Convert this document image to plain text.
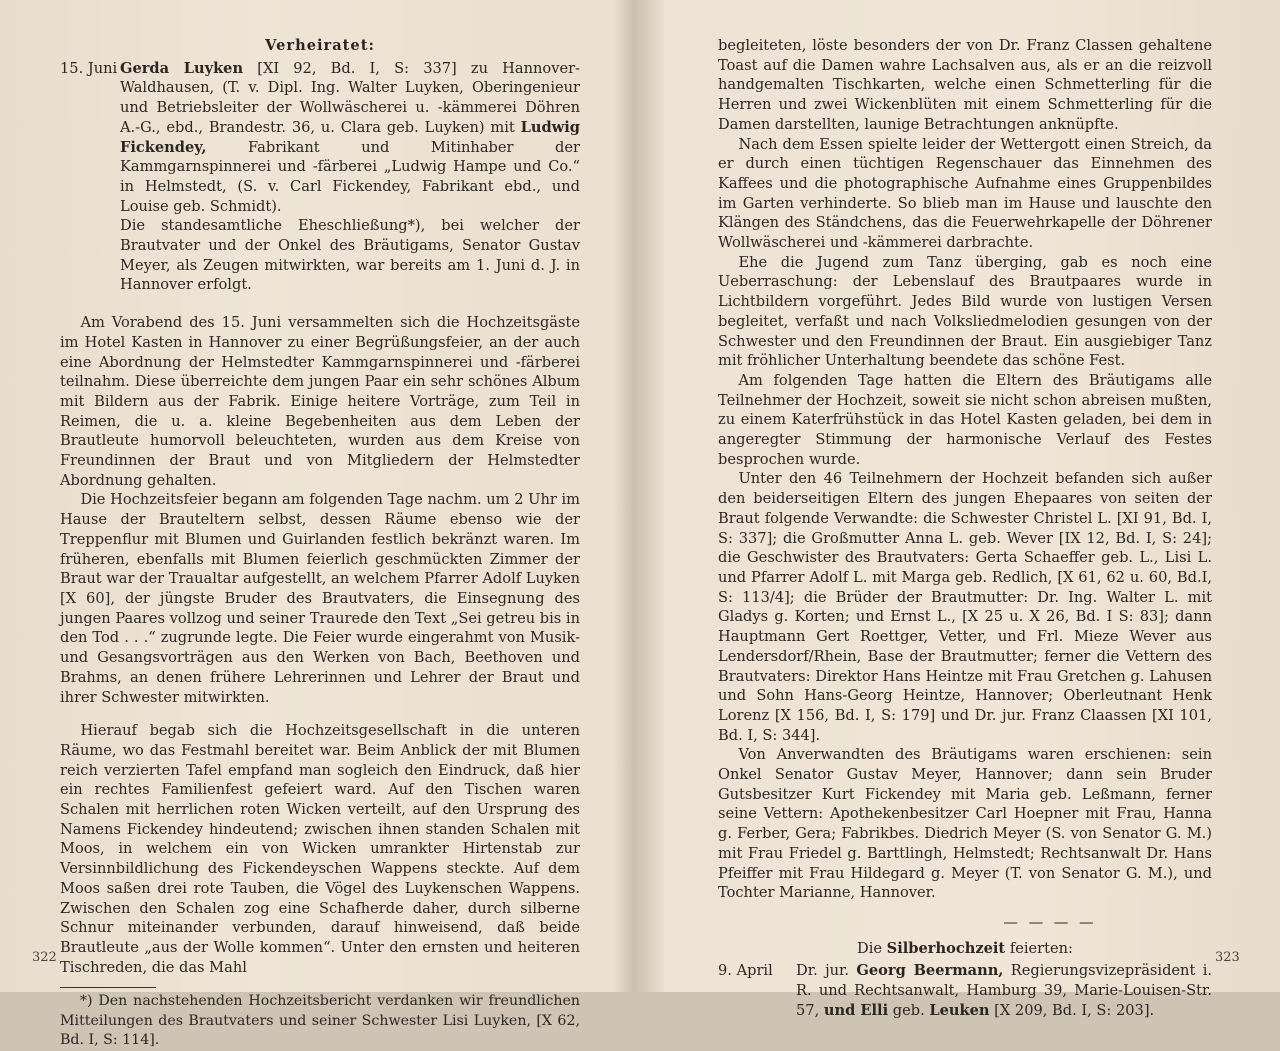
Verheiratet:
15. Juni Gerda Luyken [XI 92, Bd. I, S: 337] zu Hannover-Waldhausen, (T. v. Dipl. Ing. Walter Luyken, Oberingenieur und Betriebsleiter der Wollwäscherei u. -kämmerei Döhren A.-G., ebd., Brandestr. 36, u. Clara geb. Luyken) mit Ludwig Fickendey, Fabrikant und Mitinhaber der Kammgarnspinnerei und -färberei „Ludwig Hampe und Co.“ in Helmstedt, (S. v. Carl Fickendey, Fabrikant ebd., und Louise geb. Schmidt).

Die standesamtliche Eheschließung*), bei welcher der Brautvater und der Onkel des Bräutigams, Senator Gustav Meyer, als Zeugen mitwirkten, war bereits am 1. Juni d. J. in Hannover erfolgt.

Am Vorabend des 15. Juni versammelten sich die Hochzeitsgäste im Hotel Kasten in Hannover zu einer Begrüßungsfeier, an der auch eine Abordnung der Helmstedter Kammgarnspinnerei und -färberei teilnahm. Diese überreichte dem jungen Paar ein sehr schönes Album mit Bildern aus der Fabrik. Einige heitere Vorträge, zum Teil in Reimen, die u. a. kleine Begebenheiten aus dem Leben der Brautleute humorvoll beleuchteten, wurden aus dem Kreise von Freundinnen der Braut und von Mitgliedern der Helmstedter Abordnung gehalten.

Die Hochzeitsfeier begann am folgenden Tage nachm. um 2 Uhr im Hause der Brauteltern selbst, dessen Räume ebenso wie der Treppenflur mit Blumen und Guirlanden festlich bekränzt waren. Im früheren, ebenfalls mit Blumen feierlich geschmückten Zimmer der Braut war der Traualtar aufgestellt, an welchem Pfarrer Adolf Luyken [X 60], der jüngste Bruder des Brautvaters, die Einsegnung des jungen Paares vollzog und seiner Traurede den Text „Sei getreu bis in den Tod . . .“ zugrunde legte. Die Feier wurde eingerahmt von Musik- und Gesangsvorträgen aus den Werken von Bach, Beethoven und Brahms, an denen frühere Lehrerinnen und Lehrer der Braut und ihrer Schwester mitwirkten.

Hierauf begab sich die Hochzeitsgesellschaft in die unteren Räume, wo das Festmahl bereitet war. Beim Anblick der mit Blumen reich verzierten Tafel empfand man sogleich den Eindruck, daß hier ein rechtes Familienfest gefeiert ward. Auf den Tischen waren Schalen mit herrlichen roten Wicken verteilt, auf den Ursprung des Namens Fickendey hindeutend; zwischen ihnen standen Schalen mit Moos, in welchem ein von Wicken umrankter Hirtenstab zur Versinnbildlichung des Fickendeyschen Wappens steckte. Auf dem Moos saßen drei rote Tauben, die Vögel des Luykenschen Wappens. Zwischen den Schalen zog eine Schafherde daher, durch silberne Schnur miteinander verbunden, darauf hinweisend, daß beide Brautleute „aus der Wolle kommen“. Unter den ernsten und heiteren Tischreden, die das Mahl

*) Den nachstehenden Hochzeitsbericht verdanken wir freundlichen Mitteilungen des Brautvaters und seiner Schwester Lisi Luyken, [X 62, Bd. I, S: 114].

322

begleiteten, löste besonders der von Dr. Franz Classen gehaltene Toast auf die Damen wahre Lachsalven aus, als er an die reizvoll handgemalten Tischkarten, welche einen Schmetterling für die Herren und zwei Wickenblüten mit einem Schmetterling für die Damen darstellten, launige Betrachtungen anknüpfte.

Nach dem Essen spielte leider der Wettergott einen Streich, da er durch einen tüchtigen Regenschauer das Einnehmen des Kaffees und die photographische Aufnahme eines Gruppenbildes im Garten verhinderte. So blieb man im Hause und lauschte den Klängen des Ständchens, das die Feuerwehrkapelle der Döhrener Wollwäscherei und -kämmerei darbrachte.

Ehe die Jugend zum Tanz überging, gab es noch eine Ueberraschung: der Lebenslauf des Brautpaares wurde in Lichtbildern vorgeführt. Jedes Bild wurde von lustigen Versen begleitet, verfaßt und nach Volksliedmelodien gesungen von der Schwester und den Freundinnen der Braut. Ein ausgiebiger Tanz mit fröhlicher Unterhaltung beendete das schöne Fest.

Am folgenden Tage hatten die Eltern des Bräutigams alle Teilnehmer der Hochzeit, soweit sie nicht schon abreisen mußten, zu einem Katerfrühstück in das Hotel Kasten geladen, bei dem in angeregter Stimmung der harmonische Verlauf des Festes besprochen wurde.

Unter den 46 Teilnehmern der Hochzeit befanden sich außer den beiderseitigen Eltern des jungen Ehepaares von seiten der Braut folgende Verwandte: die Schwester Christel L. [XI 91, Bd. I, S: 337]; die Großmutter Anna L. geb. Wever [IX 12, Bd. I, S: 24]; die Geschwister des Brautvaters: Gerta Schaeffer geb. L., Lisi L. und Pfarrer Adolf L. mit Marga geb. Redlich, [X 61, 62 u. 60, Bd.I, S: 113/4]; die Brüder der Brautmutter: Dr. Ing. Walter L. mit Gladys g. Korten; und Ernst L., [X 25 u. X 26, Bd. I S: 83]; dann Hauptmann Gert Roettger, Vetter, und Frl. Mieze Wever aus Lendersdorf/Rhein, Base der Brautmutter; ferner die Vettern des Brautvaters: Direktor Hans Heintze mit Frau Gretchen g. Lahusen und Sohn Hans-Georg Heintze, Hannover; Oberleutnant Henk Lorenz [X 156, Bd. I, S: 179] und Dr. jur. Franz Claassen [XI 101, Bd. I, S: 344].

Von Anverwandten des Bräutigams waren erschienen: sein Onkel Senator Gustav Meyer, Hannover; dann sein Bruder Gutsbesitzer Kurt Fickendey mit Maria geb. Leßmann, ferner seine Vettern: Apothekenbesitzer Carl Hoepner mit Frau, Hanna g. Ferber, Gera; Fabrikbes. Diedrich Meyer (S. von Senator G. M.) mit Frau Friedel g. Barttlingh, Helmstedt; Rechtsanwalt Dr. Hans Pfeiffer mit Frau Hildegard g. Meyer (T. von Senator G. M.), und Tochter Marianne, Hannover.

— — — —
Die Silberhochzeit feierten:
9. April	Dr. jur. Georg Beermann, Regierungsvizepräsident i. R. und Rechtsanwalt, Hamburg 39, Marie-Louisen-Str. 57, und Elli geb. Leuken [X 209, Bd. I, S: 203].

323
